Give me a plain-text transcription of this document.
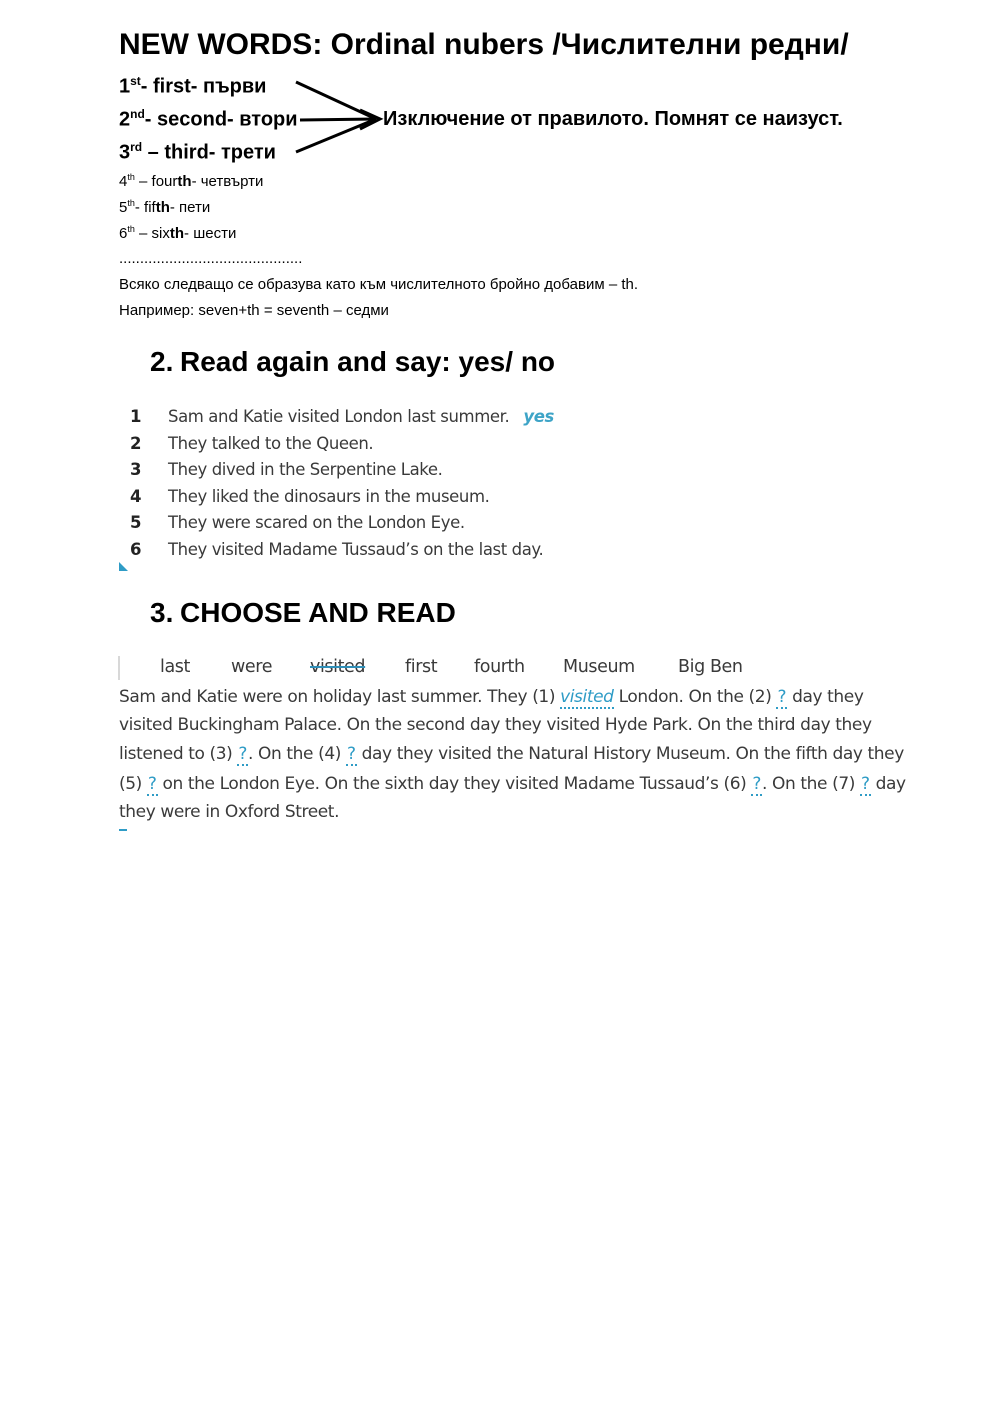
NEW WORDS: Ordinal nubers /Числителни редни/
1st- first- първи
2nd- second- втори
3rd – third- трети
Изключение от правилото. Помнят се наизуст.
4th – fourth- четвърти
5th- fifth- пети
6th – sixth- шести
............................................
Всяко следващо се образува като към числителното бройно добавим – th.
Например: seven+th = seventh – седми
2. Read again and say: yes/ no
1	Sam and Katie visited London last summer. yes
2	They talked to the Queen.
3	They dived in the Serpentine Lake.
4	They liked the dinosaurs in the museum.
5	They were scared on the London Eye.
6	They visited Madame Tussaud’s on the last day.
3. CHOOSE AND READ
last were visited first fourth Museum Big Ben
Sam and Katie were on holiday last summer. They (1) visited London. On the (2) ? day they
visited Buckingham Palace. On the second day they visited Hyde Park. On the third day they
listened to (3) ?. On the (4) ? day they visited the Natural History Museum. On the fifth day they
(5) ? on the London Eye. On the sixth day they visited Madame Tussaud’s (6) ?. On the (7) ? day
they were in Oxford Street.
